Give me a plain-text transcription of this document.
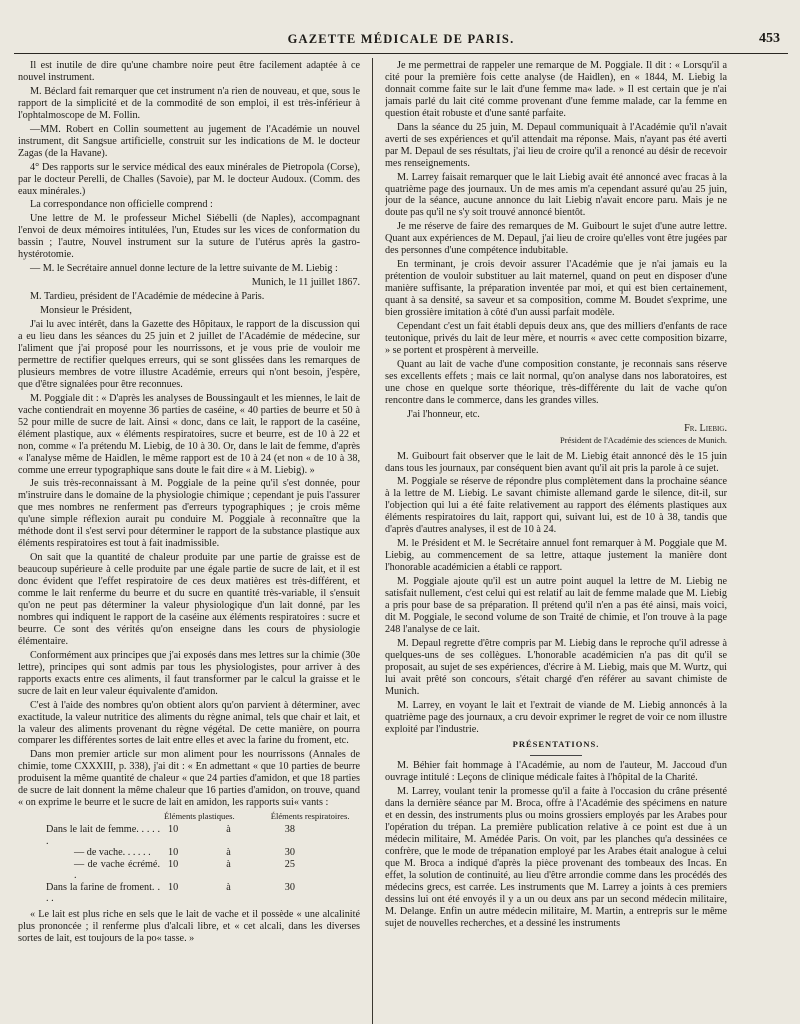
GAZETTE MÉDICALE DE PARIS.	453

Il est inutile de dire qu'une chambre noire peut être facilement adaptée à ce nouvel instrument.

M. Béclard fait remarquer que cet instrument n'a rien de nouveau, et que, sous le rapport de la simplicité et de la commodité de son emploi, il est très-inférieur à l'ophtalmoscope de M. Follin.

—MM. Robert en Collin soumettent au jugement de l'Académie un nouvel instrument, dit Sangsue artificielle, construit sur les indications de M. le docteur Zagas (de la Havane).

4° Des rapports sur le service médical des eaux minérales de Pietropola (Corse), par le docteur Perelli, de Challes (Savoie), par M. le docteur Audoux. (Comm. des eaux minérales.)

La correspondance non officielle comprend :

Une lettre de M. le professeur Michel Siébelli (de Naples), accompagnant l'envoi de deux mémoires intitulées, l'un, Etudes sur les vices de conformation du bassin ; l'autre, Nouvel instrument sur la suture de l'utérus après la gastro-hystérotomie.

— M. le Secrétaire annuel donne lecture de la lettre suivante de M. Liebig :

Munich, le 11 juillet 1867.

M. Tardieu, président de l'Académie de médecine à Paris.

Monsieur le Président,

J'ai lu avec intérêt, dans la Gazette des Hôpitaux, le rapport de la discussion qui a eu lieu dans les séances du 25 juin et 2 juillet de l'Académie de médecine, sur l'aliment que j'ai proposé pour les nourrissons, et je vous prie de vouloir me permettre de rectifier quelques erreurs, qui se sont glissées dans les remarques de plusieurs membres de votre illustre Académie, erreurs qui n'ont besoin, j'espère, que d'être signalées pour être reconnues.

M. Poggiale dit : « D'après les analyses de Boussingault et les miennes, le lait de vache contiendrait en moyenne 36 parties de caséine, « 40 parties de beurre et 50 à 52 pour mille de sucre de lait. Ainsi « donc, dans ce lait, le rapport de la caséine, élément plastique, aux « éléments respiratoires, sucre et beurre, est de 10 à 22 et non, comme « l'a prétendu M. Liebig, de 10 à 30. Or, dans le lait de femme, d'après « l'analyse même de Haidlen, le même rapport est de 10 à 24 (et non « de 10 à 38, comme une erreur typographique sans doute le fait dire « à M. Liebig). »

Je suis très-reconnaissant à M. Poggiale de la peine qu'il s'est donnée, pour m'instruire dans le domaine de la physiologie chimique ; cependant je puis l'assurer que mes nombres ne renferment pas d'erreurs typographiques ; je crois même qu'une simple réflexion aurait pu conduire M. Poggiale à reconnaître que la méthode dont il s'est servi pour déterminer le rapport de la substance plastique aux éléments respiratoires est tout à fait inadmissible.

On sait que la quantité de chaleur produite par une partie de graisse est de beaucoup supérieure à celle produite par une égale partie de sucre de lait, et il est donc évident que l'effet respiratoire de ces deux matières est très-différent, et comme le lait renferme du beurre et du sucre en quantité très-variable, il s'ensuit qu'on ne peut pas déterminer la valeur physiologique d'un lait donné, par les nombres qui indiquent le rapport de la caséine aux éléments respiratoires : sucre et beurre. Ce sont des vérités qu'on enseigne dans les cours de physiologie élémentaire.

Conformément aux principes que j'ai exposés dans mes lettres sur la chimie (30e lettre), principes qui sont admis par tous les physiologistes, pour arriver à des rapports exacts entre ces aliments, il faut transformer par le calcul la graisse et le sucre de lait en leur valeur équivalente d'amidon.

C'est à l'aide des nombres qu'on obtient alors qu'on parvient à déterminer, avec exactitude, la valeur nutritice des aliments du règne animal, tels que chair et lait, et la valeur des aliments provenant du règne végétal. De cette manière, on pourra comparer les différentes sortes de lait entre elles et avec la farine du froment, etc.

Dans mon premier article sur mon aliment pour les nourrissons (Annales de chimie, tome CXXXIII, p. 338), j'ai dit : « En admettant « que 10 parties de beurre produisent la même quantité de chaleur « que 24 parties d'amidon, et que 18 parties de sucre de lait donnent la même chaleur que 16 parties d'amidon, on trouve, quand « on exprime le beurre et le sucre de lait en amidon, les rapports sui« vants :

	Éléments plastiques.			Éléments respiratoires.
Dans le lait de femme. . . . . .	10		à	38
— de vache. . . . . .	10		à	30
— de vache écrémé. .	10		à	25
Dans la farine de froment. . . .	10		à	30

« Le lait est plus riche en sels que le lait de vache et il possède « une alcalinité plus prononcée ; il renferme plus d'alcali libre, et « cet alcali, dans les diverses sortes de lait, est toujours de la po« tasse. »

Je me permettrai de rappeler une remarque de M. Poggiale. Il dit : « Lorsqu'il a cité pour la première fois cette analyse (de Haidlen), en « 1844, M. Liebig la donnait comme faite sur le lait d'une femme ma« lade. » Il est certain que je n'ai jamais parlé du lait cité comme provenant d'une femme malade, car la femme en question était robuste et d'une santé parfaite.

Dans la séance du 25 juin, M. Depaul communiquait à l'Académie qu'il n'avait averti de ses expériences et qu'il attendait ma réponse. Mais, n'ayant pas été averti par M. Depaul de ses résultats, j'ai lieu de croire qu'il a renoncé au désir de recevoir mes renseignements.

M. Larrey faisait remarquer que le lait Liebig avait été annoncé avec fracas à la quatrième page des journaux. Un de mes amis m'a cependant assuré qu'au 25 juin, jour de la séance, aucune annonce du lait Liebig n'avait encore paru. Mais je ne doute pas qu'il ne s'y soit trouvé annoncé bientôt.

Je me réserve de faire des remarques de M. Guibourt le sujet d'une autre lettre. Quant aux expériences de M. Depaul, j'ai lieu de croire qu'elles vont être jugées par des personnes d'une compétence indubitable.

En terminant, je crois devoir assurer l'Académie que je n'ai jamais eu la prétention de vouloir substituer au lait maternel, quand on peut en disposer d'une manière suffisante, la préparation inventée par moi, et qui est bien certainement, quant à sa densité, sa saveur et sa composition, comme M. Boudet s'exprime, une bien grossière imitation à côté d'un aussi parfait modèle.

Cependant c'est un fait établi depuis deux ans, que des milliers d'enfants de race teutonique, privés du lait de leur mère, et nourris « avec cette composition bizarre, » se portent et prospèrent à merveille.

Quant au lait de vache d'une composition constante, je reconnais sans réserve ses excellents effets ; mais ce lait normal, qu'on analyse dans nos laboratoires, est une chose en quelque sorte théorique, très-différente du lait de vache qu'on rencontre dans le commerce, dans les grandes villes.

J'ai l'honneur, etc.

Fr. Liebig.
Président de l'Académie des sciences de Munich.

M. Guibourt fait observer que le lait de M. Liebig était annoncé dès le 15 juin dans tous les journaux, par conséquent bien avant qu'il ait pris la parole à ce sujet.

M. Poggiale se réserve de répondre plus complètement dans la prochaine séance à la lettre de M. Liebig. Le savant chimiste allemand garde le silence, dit-il, sur l'objection qui lui a été faite relativement au rapport des éléments plastiques aux éléments respiratoires du lait, rapport qui, suivant lui, est de 10 à 38, tandis que d'après d'autres analyses, il est de 10 à 24.

M. le Président et M. le Secrétaire annuel font remarquer à M. Poggiale que M. Liebig, au commencement de sa lettre, attaque justement la manière dont l'honorable académicien a établi ce rapport.

M. Poggiale ajoute qu'il est un autre point auquel la lettre de M. Liebig ne satisfait nullement, c'est celui qui est relatif au lait de femme malade que M. Liebig a pris pour base de sa préparation. Il prétend qu'il n'en a pas été ainsi, mais voici, dit M. Poggiale, le second volume de son Traité de chimie, et l'on trouve à la page 248 l'analyse de ce lait.

M. Depaul regrette d'être compris par M. Liebig dans le reproche qu'il adresse à quelques-uns de ses collègues. L'honorable académicien n'a pas dit qu'il se proposait, au sujet de ses expériences, d'écrire à M. Liebig, mais que M. Wurtz, qui lui avait prêté son concours, s'était chargé d'en référer au savant chimiste de Munich.

M. Larrey, en voyant le lait et l'extrait de viande de M. Liebig annoncés à la quatrième page des journaux, a cru devoir exprimer le regret de voir ce nom illustre exploité par l'industrie.

PRÉSENTATIONS.

M. Béhier fait hommage à l'Académie, au nom de l'auteur, M. Jaccoud d'un ouvrage intitulé : Leçons de clinique médicale faites à l'hôpital de la Charité.

M. Larrey, voulant tenir la promesse qu'il a faite à l'occasion du crâne présenté dans la dernière séance par M. Broca, offre à l'Académie des spécimens en nature et en dessin, des instruments plus ou moins grossiers employés par les Arabes pour l'opération du trépan. La première publication relative à ce point est due à un médecin militaire, M. Amédée Paris. On voit, par les planches qu'a dessinées ce confrère, que le mode de trépanation employé par les Arabes était analogue à celui que M. Broca a indiqué d'après la pièce provenant des tombeaux des Incas. En effet, la solution de continuité, au lieu d'être arrondie comme dans les procédés des médecins grecs, est carrée. Les instruments que M. Larrey a joints à ces premiers dessins lui ont été envoyés il y a un ou deux ans par un second médecin militaire, M. Delange. Enfin un autre médecin militaire, M. Martin, a entrepris sur le même sujet de nouvelles recherches, et a dessiné les instruments
